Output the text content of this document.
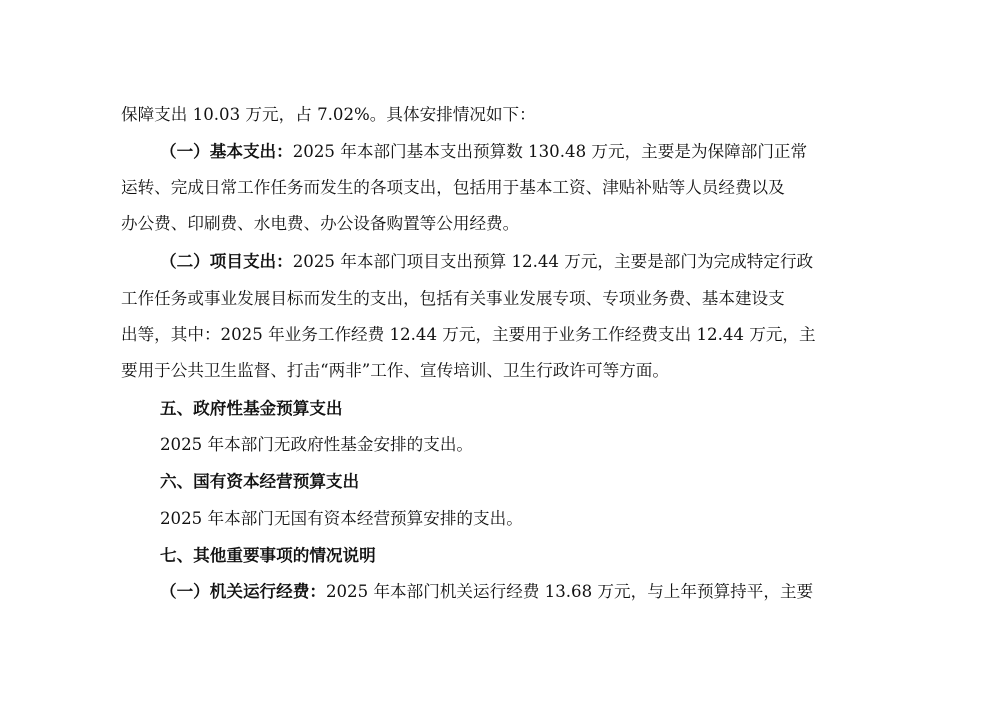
保障支出 10.03 万元，占 7.02%。具体安排情况如下：
（一）基本支出：2025 年本部门基本支出预算数 130.48 万元，主要是为保障部门正常
运转、完成日常工作任务而发生的各项支出，包括用于基本工资、津贴补贴等人员经费以及
办公费、印刷费、水电费、办公设备购置等公用经费。
（二）项目支出：2025 年本部门项目支出预算 12.44 万元，主要是部门为完成特定行政
工作任务或事业发展目标而发生的支出，包括有关事业发展专项、专项业务费、基本建设支
出等，其中：2025 年业务工作经费 12.44 万元，主要用于业务工作经费支出 12.44 万元，主
要用于公共卫生监督、打击“两非”工作、宣传培训、卫生行政许可等方面。
五、政府性基金预算支出
2025 年本部门无政府性基金安排的支出。
六、国有资本经营预算支出
2025 年本部门无国有资本经营预算安排的支出。
七、其他重要事项的情况说明
（一）机关运行经费：2025 年本部门机关运行经费 13.68 万元，与上年预算持平，主要
